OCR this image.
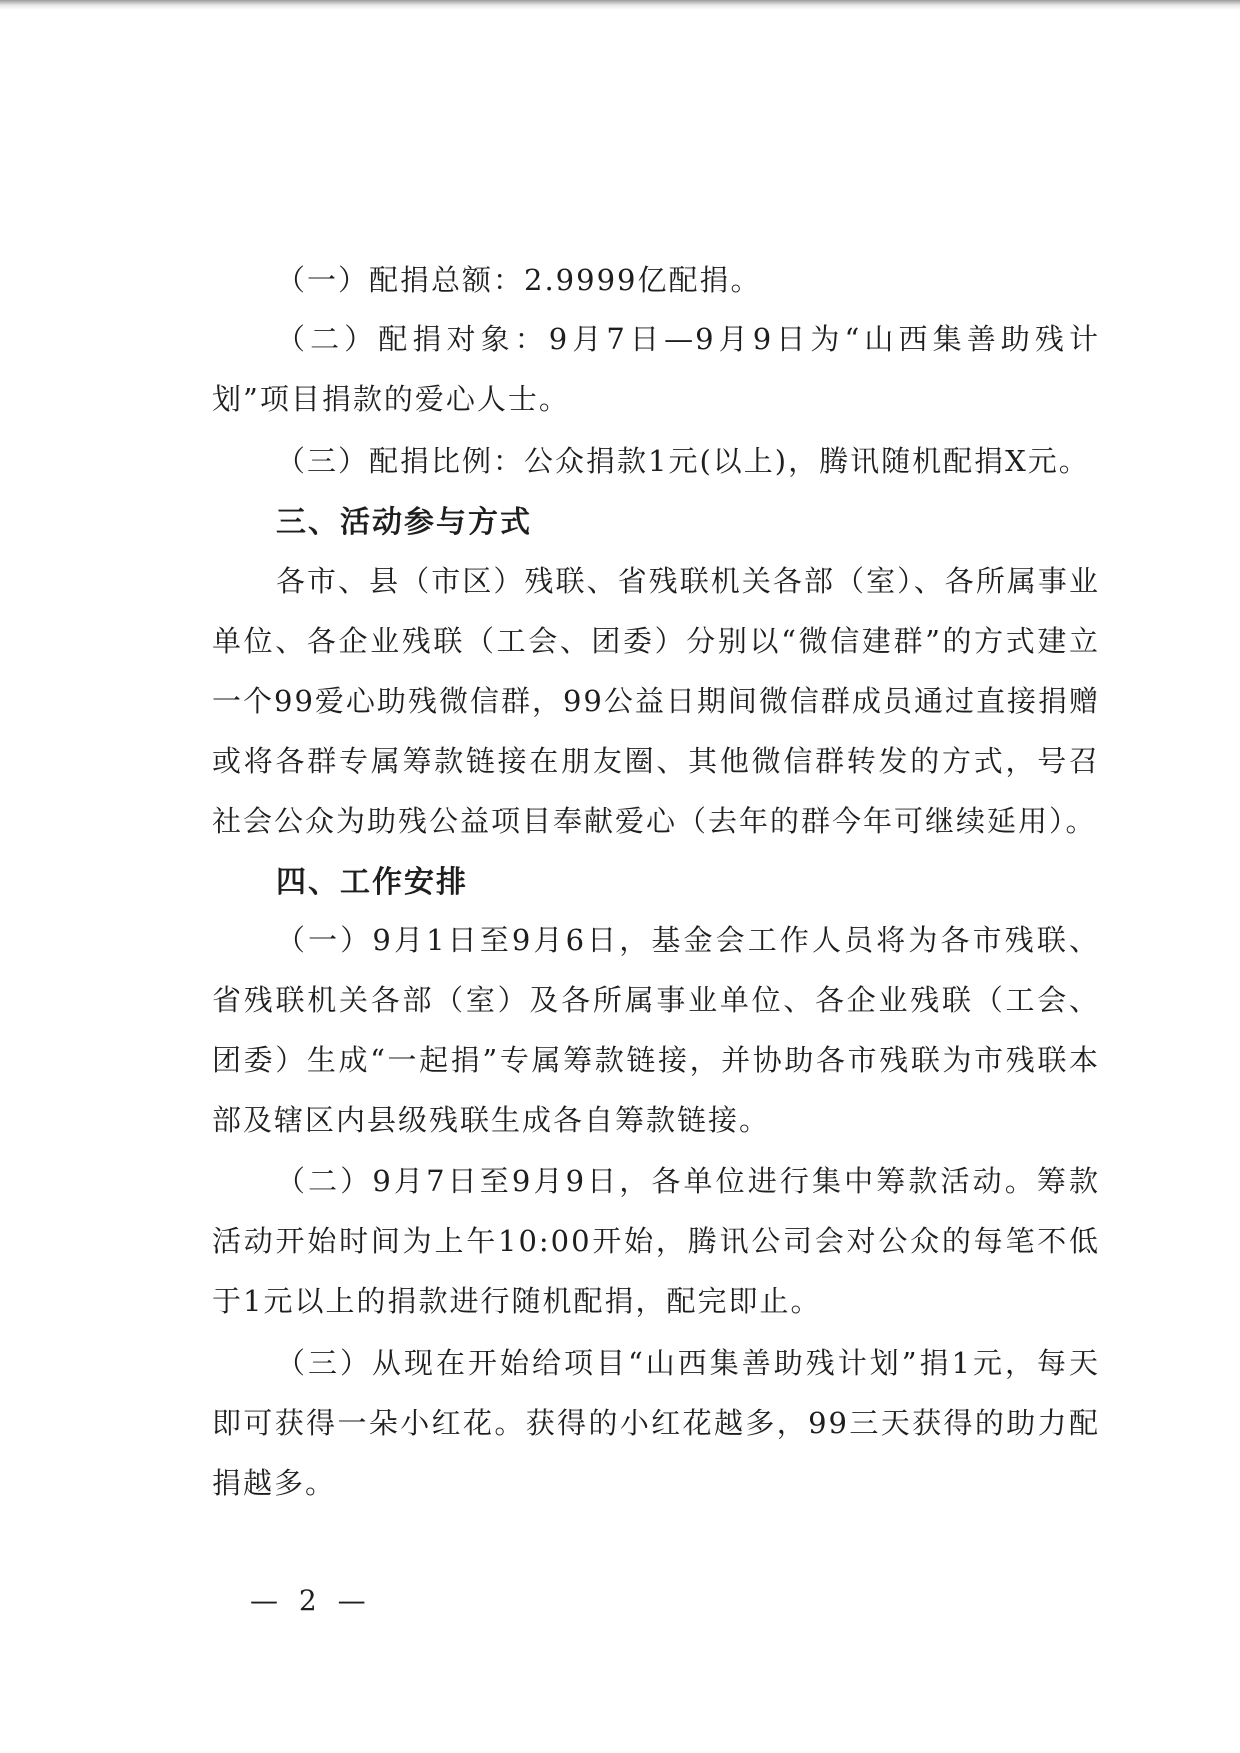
（一）配捐总额：2.9999亿配捐。

（二）配捐对象：9月7日—9月9日为“山西集善助残计划”项目捐款的爱心人士。

（三）配捐比例：公众捐款1元(以上)，腾讯随机配捐X元。

三、活动参与方式

各市、县（市区）残联、省残联机关各部（室）、各所属事业单位、各企业残联（工会、团委）分别以“微信建群”的方式建立一个99爱心助残微信群，99公益日期间微信群成员通过直接捐赠或将各群专属筹款链接在朋友圈、其他微信群转发的方式，号召社会公众为助残公益项目奉献爱心（去年的群今年可继续延用）。

四、工作安排

（一）9月1日至9月6日，基金会工作人员将为各市残联、省残联机关各部（室）及各所属事业单位、各企业残联（工会、团委）生成“一起捐”专属筹款链接，并协助各市残联为市残联本部及辖区内县级残联生成各自筹款链接。

（二）9月7日至9月9日，各单位进行集中筹款活动。筹款活动开始时间为上午10:00开始，腾讯公司会对公众的每笔不低于1元以上的捐款进行随机配捐，配完即止。

（三）从现在开始给项目“山西集善助残计划”捐1元，每天即可获得一朵小红花。获得的小红花越多，99三天获得的助力配捐越多。

— 2 —
